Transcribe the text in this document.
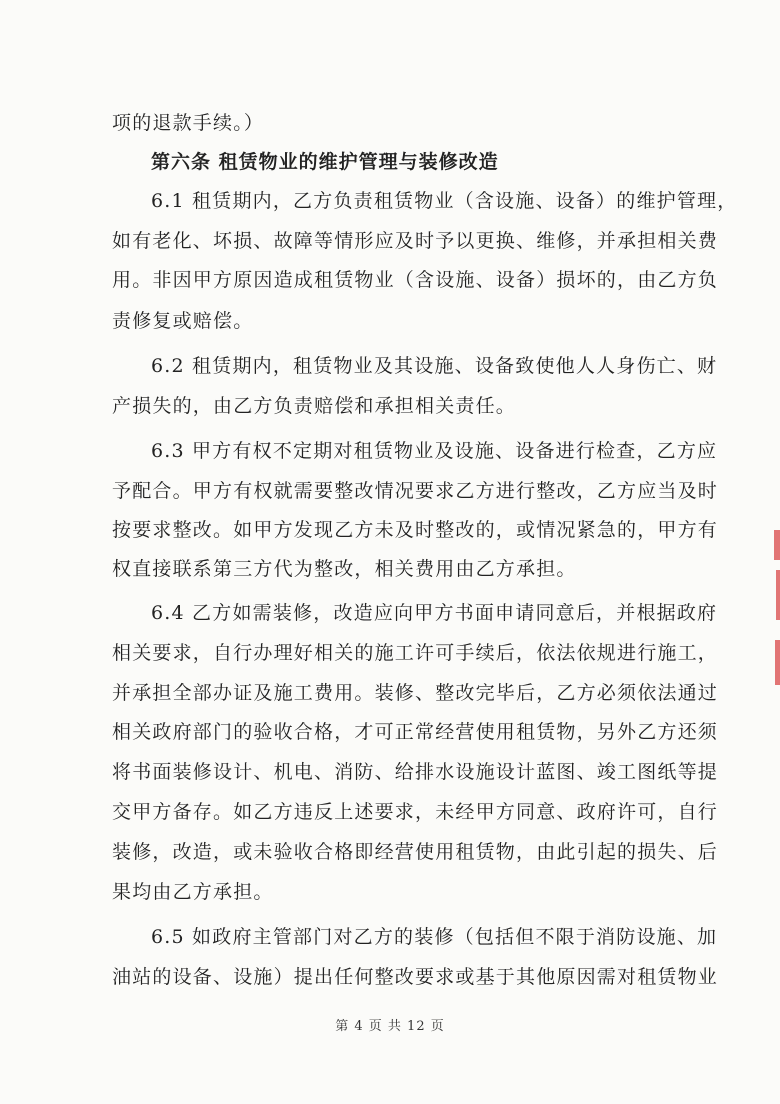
项的退款手续。）
第六条 租赁物业的维护管理与装修改造
6.1 租赁期内，乙方负责租赁物业（含设施、设备）的维护管理，
如有老化、坏损、故障等情形应及时予以更换、维修，并承担相关费
用。非因甲方原因造成租赁物业（含设施、设备）损坏的，由乙方负
责修复或赔偿。
6.2 租赁期内，租赁物业及其设施、设备致使他人人身伤亡、财
产损失的，由乙方负责赔偿和承担相关责任。
6.3 甲方有权不定期对租赁物业及设施、设备进行检查，乙方应
予配合。甲方有权就需要整改情况要求乙方进行整改，乙方应当及时
按要求整改。如甲方发现乙方未及时整改的，或情况紧急的，甲方有
权直接联系第三方代为整改，相关费用由乙方承担。
6.4 乙方如需装修，改造应向甲方书面申请同意后，并根据政府
相关要求，自行办理好相关的施工许可手续后，依法依规进行施工，
并承担全部办证及施工费用。装修、整改完毕后，乙方必须依法通过
相关政府部门的验收合格，才可正常经营使用租赁物，另外乙方还须
将书面装修设计、机电、消防、给排水设施设计蓝图、竣工图纸等提
交甲方备存。如乙方违反上述要求，未经甲方同意、政府许可，自行
装修，改造，或未验收合格即经营使用租赁物，由此引起的损失、后
果均由乙方承担。
6.5 如政府主管部门对乙方的装修（包括但不限于消防设施、加
油站的设备、设施）提出任何整改要求或基于其他原因需对租赁物业
第 4 页 共 12 页
